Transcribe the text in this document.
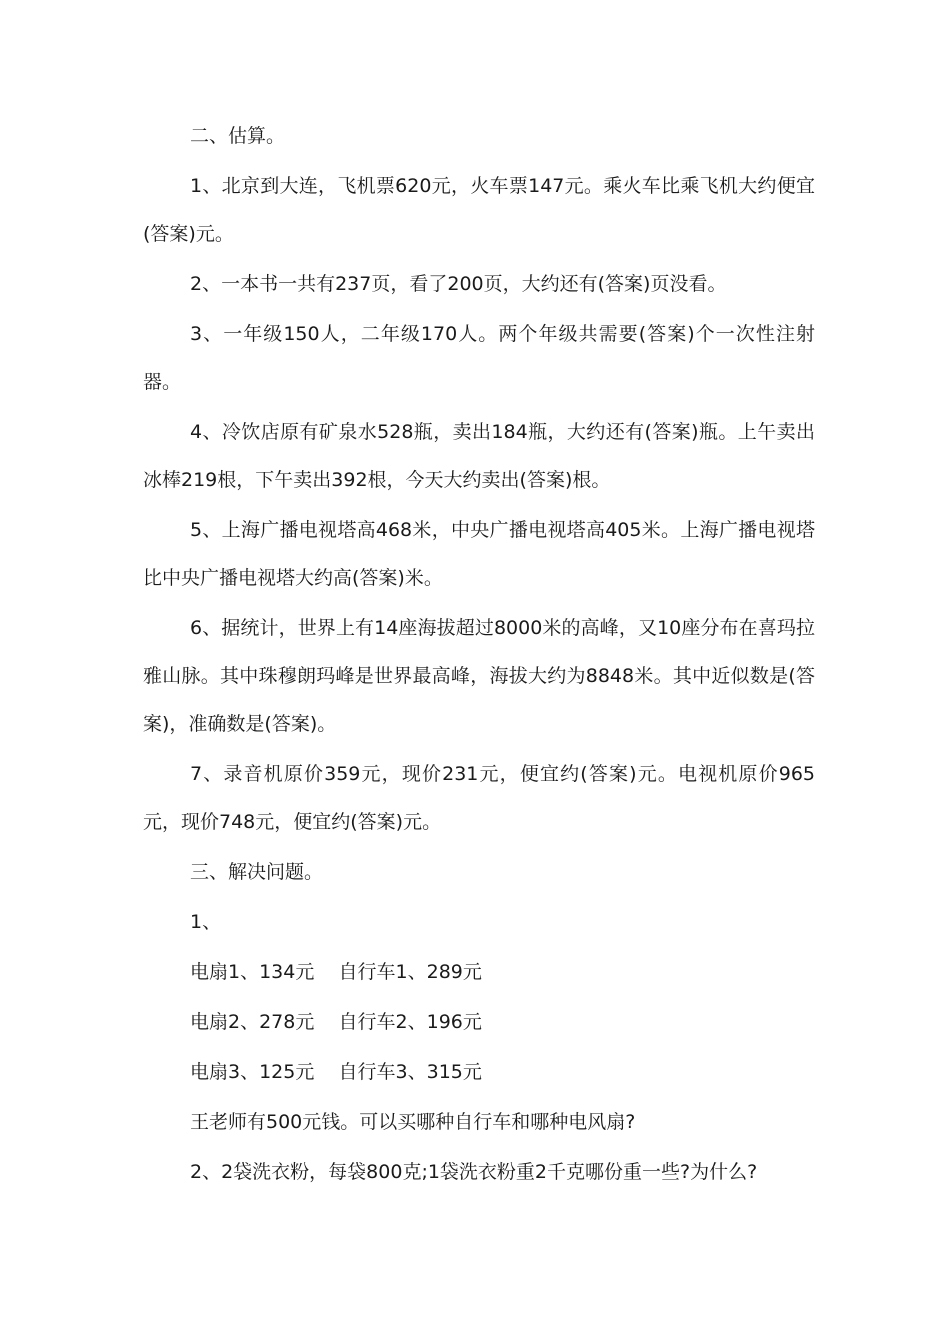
二、估算。

1、北京到大连，飞机票620元，火车票147元。乘火车比乘飞机大约便宜(答案)元。

2、一本书一共有237页，看了200页，大约还有(答案)页没看。

3、一年级150人，二年级170人。两个年级共需要(答案)个一次性注射器。

4、冷饮店原有矿泉水528瓶，卖出184瓶，大约还有(答案)瓶。上午卖出冰棒219根，下午卖出392根，今天大约卖出(答案)根。

5、上海广播电视塔高468米，中央广播电视塔高405米。上海广播电视塔比中央广播电视塔大约高(答案)米。

6、据统计，世界上有14座海拔超过8000米的高峰，又10座分布在喜玛拉雅山脉。其中珠穆朗玛峰是世界最高峰，海拔大约为8848米。其中近似数是(答案)，准确数是(答案)。

7、录音机原价359元，现价231元，便宜约(答案)元。电视机原价965元，现价748元，便宜约(答案)元。

三、解决问题。

1、

电扇1、134元    自行车1、289元

电扇2、278元    自行车2、196元

电扇3、125元    自行车3、315元

王老师有500元钱。可以买哪种自行车和哪种电风扇?

2、2袋洗衣粉，每袋800克;1袋洗衣粉重2千克哪份重一些?为什么?
